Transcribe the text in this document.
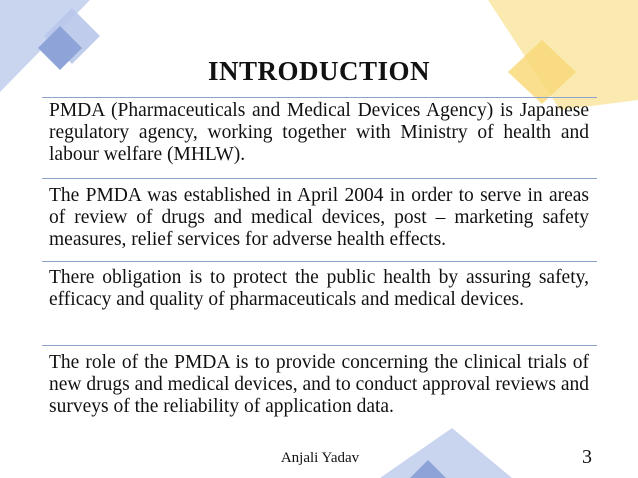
INTRODUCTION
PMDA (Pharmaceuticals and Medical Devices Agency) is Japanese regulatory agency, working together with Ministry of health and labour welfare (MHLW).
The PMDA was established in April 2004 in order to serve in areas of review of drugs and medical devices, post – marketing safety measures, relief services for adverse health effects.
There obligation is to protect the public health by assuring safety, efficacy and quality of pharmaceuticals and medical devices.
The role of the PMDA is to provide concerning the clinical trials of new drugs and medical devices, and to conduct approval reviews and surveys of the reliability of application data.
Anjali Yadav	3
